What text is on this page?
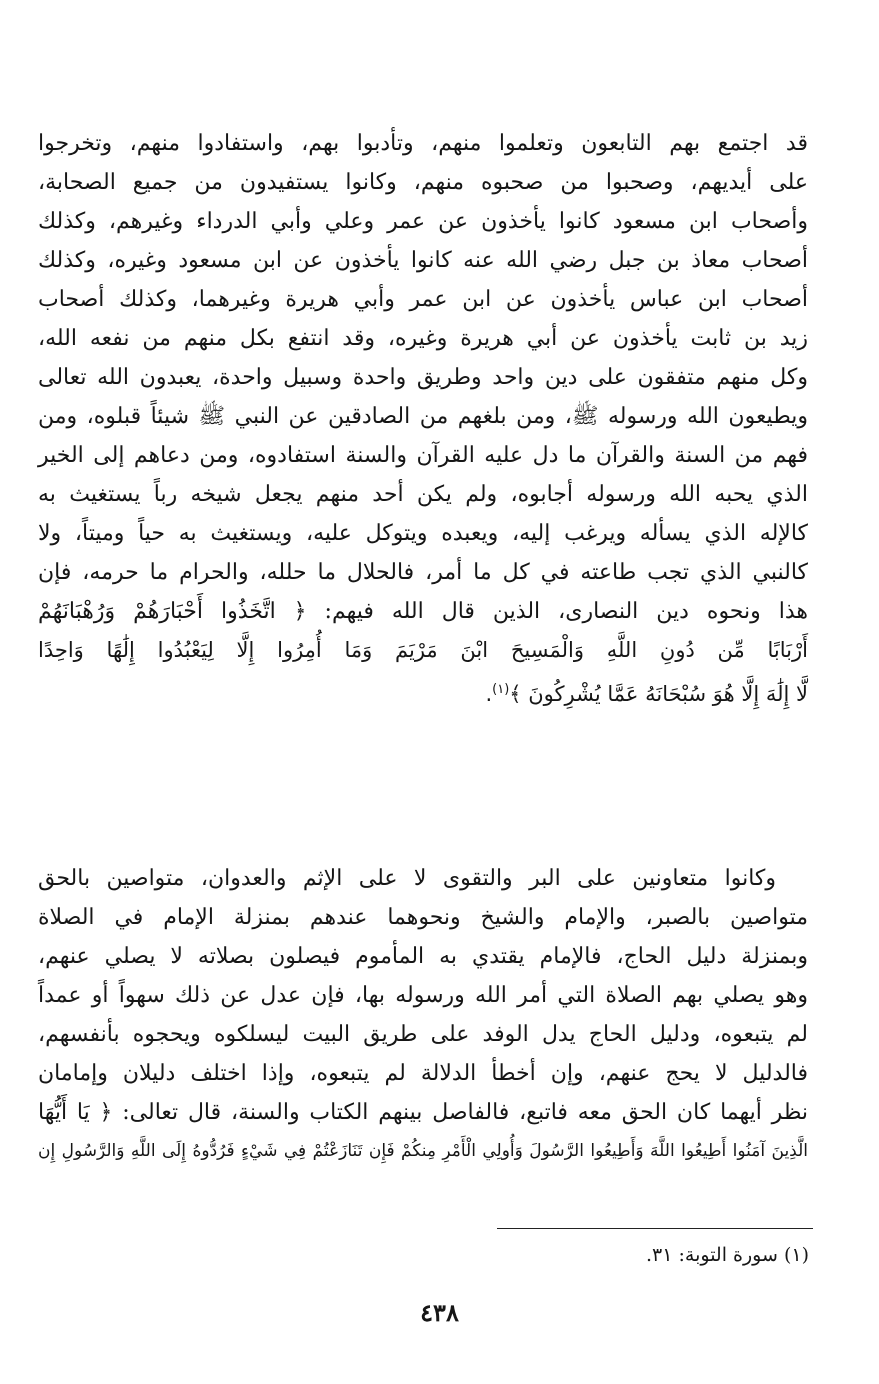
قد اجتمع بهم التابعون وتعلموا منهم، وتأدبوا بهم، واستفادوا منهم، وتخرجوا
على أيديهم، وصحبوا من صحبوه منهم، وكانوا يستفيدون من جميع الصحابة،
وأصحاب ابن مسعود كانوا يأخذون عن عمر وعلي وأبي الدرداء وغيرهم، وكذلك
أصحاب معاذ بن جبل رضي الله عنه كانوا يأخذون عن ابن مسعود وغيره، وكذلك
أصحاب ابن عباس يأخذون عن ابن عمر وأبي هريرة وغيرهما، وكذلك أصحاب
زيد بن ثابت يأخذون عن أبي هريرة وغيره، وقد انتفع بكل منهم من نفعه الله،
وكل منهم متفقون على دين واحد وطريق واحدة وسبيل واحدة، يعبدون الله تعالى
ويطيعون الله ورسوله ﷺ، ومن بلغهم من الصادقين عن النبي ﷺ شيئاً قبلوه، ومن
فهم من السنة والقرآن ما دل عليه القرآن والسنة استفادوه، ومن دعاهم إلى الخير
الذي يحبه الله ورسوله أجابوه، ولم يكن أحد منهم يجعل شيخه رباً يستغيث به
كالإله الذي يسأله ويرغب إليه، ويعبده ويتوكل عليه، ويستغيث به حياً وميتاً، ولا
كالنبي الذي تجب طاعته في كل ما أمر، فالحلال ما حلله، والحرام ما حرمه، فإن
هذا ونحوه دين النصارى، الذين قال الله فيهم: ﴿ اتَّخَذُوا أَحْبَارَهُمْ وَرُهْبَانَهُمْ
أَرْبَابًا مِّن دُونِ اللَّهِ وَالْمَسِيحَ ابْنَ مَرْيَمَ وَمَا أُمِرُوا إِلَّا لِيَعْبُدُوا إِلَٰهًا وَاحِدًا
لَّا إِلَٰهَ إِلَّا هُوَ سُبْحَانَهُ عَمَّا يُشْرِكُونَ ﴾$^{(١)}$.
وكانوا متعاونين على البر والتقوى لا على الإثم والعدوان، متواصين بالحق
متواصين بالصبر، والإمام والشيخ ونحوهما عندهم بمنزلة الإمام في الصلاة
وبمنزلة دليل الحاج، فالإمام يقتدي به المأموم فيصلون بصلاته لا يصلي عنهم،
وهو يصلي بهم الصلاة التي أمر الله ورسوله بها، فإن عدل عن ذلك سهواً أو عمداً
لم يتبعوه، ودليل الحاج يدل الوفد على طريق البيت ليسلكوه ويحجوه بأنفسهم،
فالدليل لا يحج عنهم، وإن أخطأ الدلالة لم يتبعوه، وإذا اختلف دليلان وإمامان
نظر أيهما كان الحق معه فاتبع، فالفاصل بينهم الكتاب والسنة، قال تعالى: ﴿ يَا أَيُّهَا
الَّذِينَ آمَنُوا أَطِيعُوا اللَّهَ وَأَطِيعُوا الرَّسُولَ وَأُولِي الْأَمْرِ مِنكُمْ فَإِن تَنَازَعْتُمْ فِي شَيْءٍ فَرُدُّوهُ إِلَى اللَّهِ وَالرَّسُولِ إِن
(١) سورة التوبة: ٣١.
٤٣٨
